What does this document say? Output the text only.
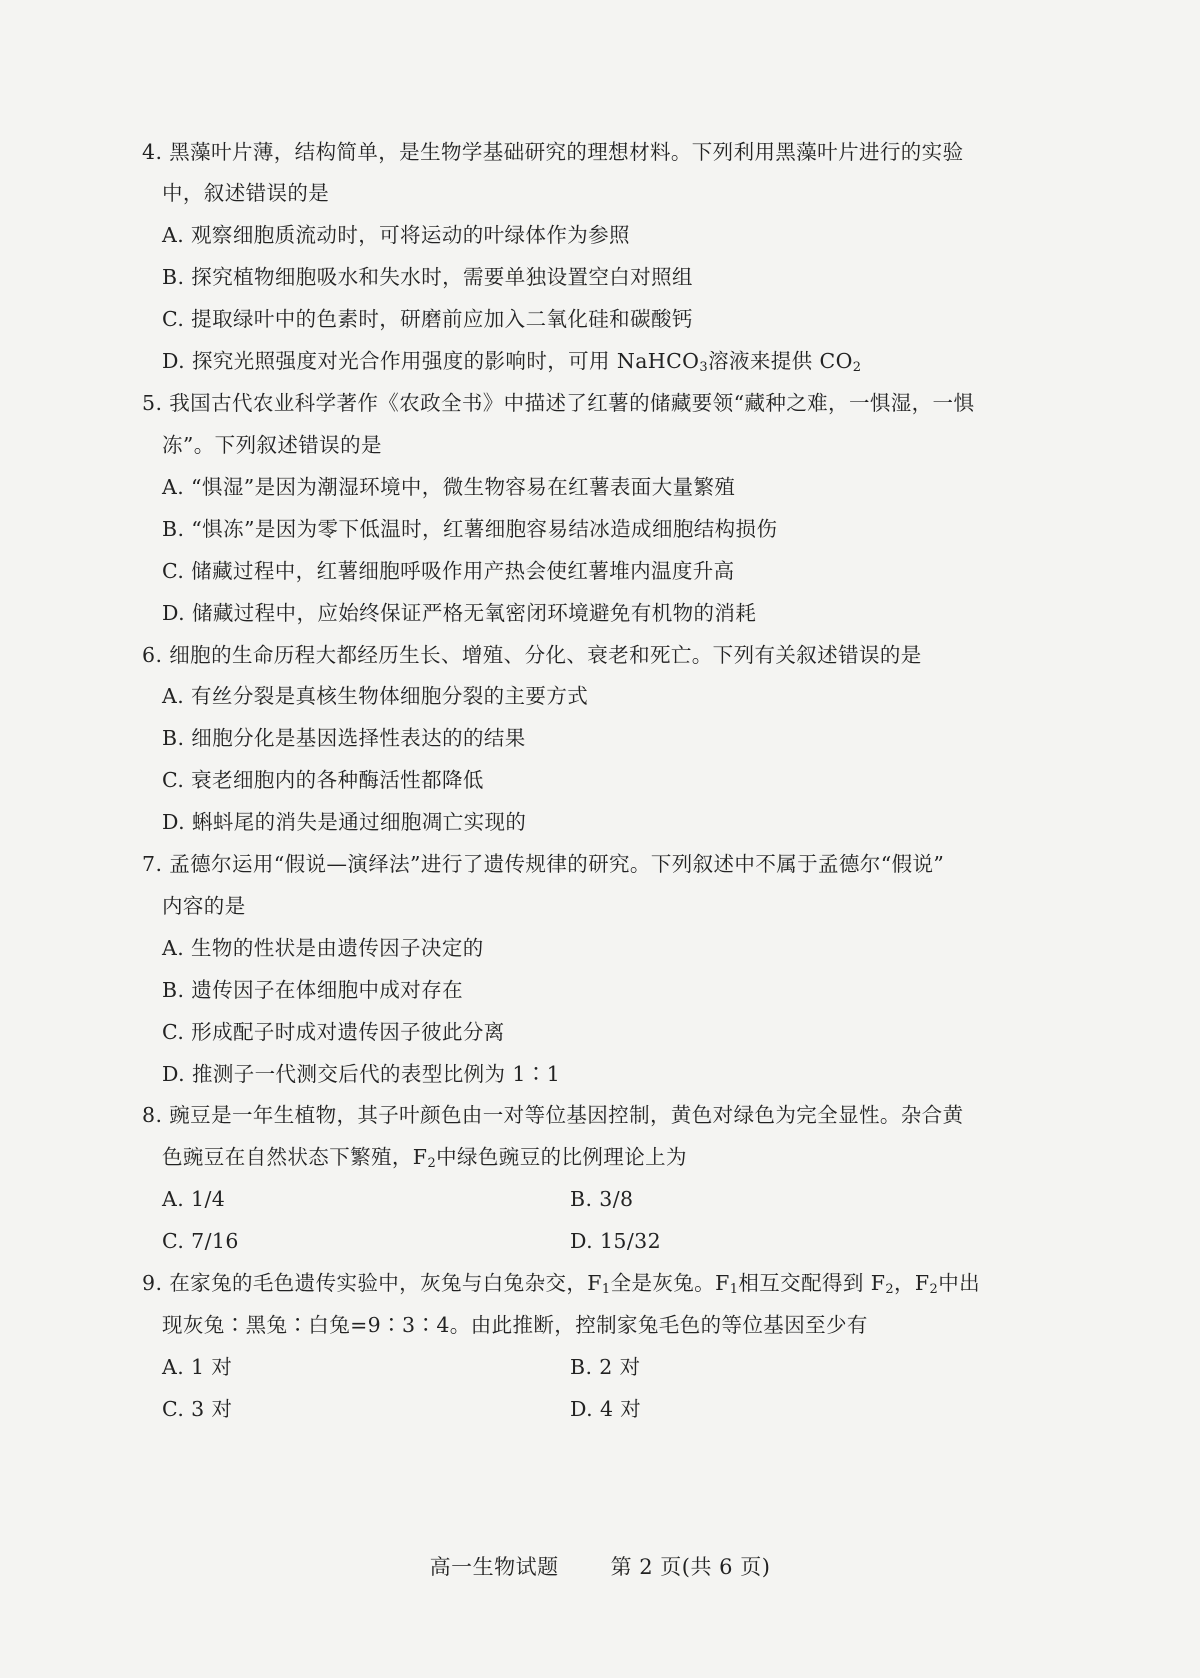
4. 黑藻叶片薄，结构简单，是生物学基础研究的理想材料。下列利用黑藻叶片进行的实验
中，叙述错误的是
A. 观察细胞质流动时，可将运动的叶绿体作为参照
B. 探究植物细胞吸水和失水时，需要单独设置空白对照组
C. 提取绿叶中的色素时，研磨前应加入二氧化硅和碳酸钙
D. 探究光照强度对光合作用强度的影响时，可用 NaHCO$_3$溶液来提供 $CO_2$
5. 我国古代农业科学著作《农政全书》中描述了红薯的储藏要领“藏种之难，一惧湿，一惧
冻”。下列叙述错误的是
A. “惧湿”是因为潮湿环境中，微生物容易在红薯表面大量繁殖
B. “惧冻”是因为零下低温时，红薯细胞容易结冰造成细胞结构损伤
C. 储藏过程中，红薯细胞呼吸作用产热会使红薯堆内温度升高
D. 储藏过程中，应始终保证严格无氧密闭环境避免有机物的消耗
6. 细胞的生命历程大都经历生长、增殖、分化、衰老和死亡。下列有关叙述错误的是
A. 有丝分裂是真核生物体细胞分裂的主要方式
B. 细胞分化是基因选择性表达的的结果
C. 衰老细胞内的各种酶活性都降低
D. 蝌蚪尾的消失是通过细胞凋亡实现的
7. 孟德尔运用“假说—演绎法”进行了遗传规律的研究。下列叙述中不属于孟德尔“假说”
内容的是
A. 生物的性状是由遗传因子决定的
B. 遗传因子在体细胞中成对存在
C. 形成配子时成对遗传因子彼此分离
D. 推测子一代测交后代的表型比例为 1∶1
8. 豌豆是一年生植物，其子叶颜色由一对等位基因控制，黄色对绿色为完全显性。杂合黄
色豌豆在自然状态下繁殖，$F_2$中绿色豌豆的比例理论上为
A. 1/4	B. 3/8
C. 7/16	D. 15/32
9. 在家兔的毛色遗传实验中，灰兔与白兔杂交，$F_1$全是灰兔。$F_1$相互交配得到 $F_2$，$F_2$中出
现灰兔∶黑兔∶白兔=9∶3∶4。由此推断，控制家兔毛色的等位基因至少有
A. 1 对	B. 2 对
C. 3 对	D. 4 对
高一生物试题 第 2 页(共 6 页)
